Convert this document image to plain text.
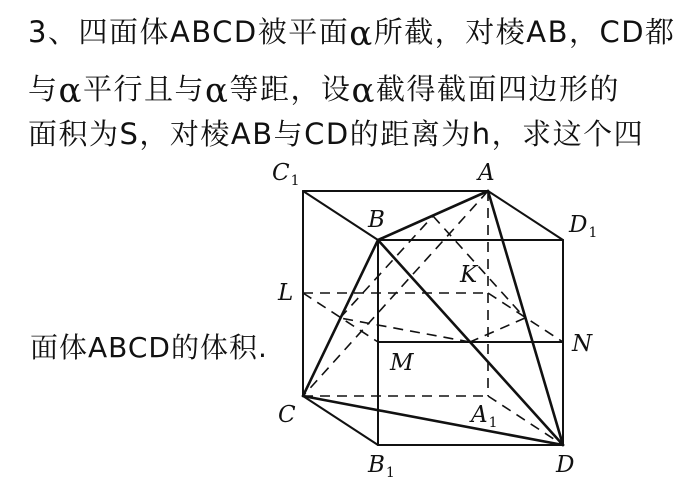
3、四面体ABCD被平面α所截，对棱AB，CD都
与α平行且与α等距，设α截得截面四边形的
面积为S，对棱AB与CD的距离为h，求这个四
面体ABCD的体积.
A
B
C
D
$C_1$
$D_1$
$A_1$
$B_1$
K
L
M
N
